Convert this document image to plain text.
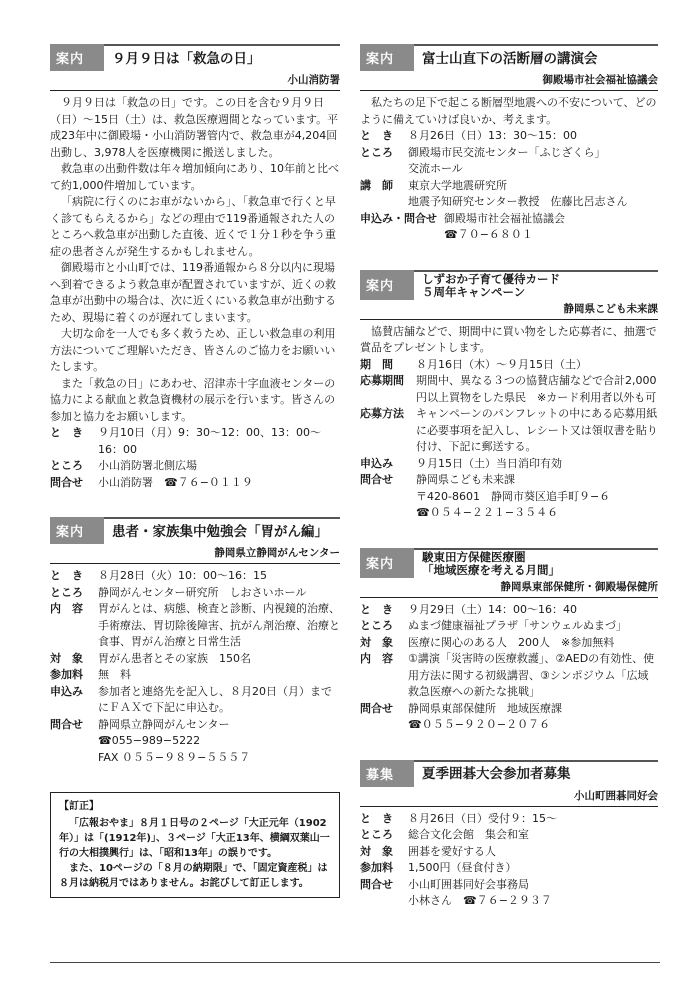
案内	９月９日は「救急の日」
小山消防署

９月９日は「救急の日」です。この日を含む９月９日（日）〜15日（土）は、救急医療週間となっています。平成23年中に御殿場・小山消防署管内で、救急車が4,204回出動し、3,978人を医療機関に搬送しました。

救急車の出動件数は年々増加傾向にあり、10年前と比べて約1,000件増加しています。

「病院に行くのにお車がないから」、「救急車で行くと早く診てもらえるから」などの理由で119番通報された人のところへ救急車が出動した直後、近くで１分１秒を争う重症の患者さんが発生するかもしれません。

御殿場市と小山町では、119番通報から８分以内に現場へ到着できるよう救急車が配置されていますが、近くの救急車が出動中の場合は、次に近くにいる救急車が出動するため、現場に着くのが遅れてしまいます。

大切な命を一人でも多く救うため、正しい救急車の利用方法についてご理解いただき、皆さんのご協力をお願いいたします。

また「救急の日」にあわせ、沼津赤十字血液センターの協力による献血と救急資機材の展示を行います。皆さんの参加と協力をお願いします。

と　き	９月10日（月）9：30〜12：00、13：00〜16：00
ところ	小山消防署北側広場
問合せ	小山消防署　☎７６−０１１９
案内	患者・家族集中勉強会「胃がん編」
静岡県立静岡がんセンター
と　き	８月28日（火）10：00〜16：15
ところ	静岡がんセンター研究所　しおさいホール
内　容	胃がんとは、病態、検査と診断、内視鏡的治療、手術療法、胃切除後障害、抗がん剤治療、治療と食事、胃がん治療と日常生活
対　象	胃がん患者とその家族　150名
参加料	無　料
申込み	参加者と連絡先を記入し、８月20日（月）までにＦＡＸで下記に申込む。
問合せ	静岡県立静岡がんセンター　☎055−989−5222
FAX ０５５−９８９−５５５７
【訂正】

「広報おやま」８月１日号の２ページ「大正元年（1902年）」は「(1912年)」、３ページ「大正13年、横綱双葉山一行の大相撲興行」は、「昭和13年」の誤りです。

また、10ページの「８月の納期限」で、「固定資産税」は８月は納税月ではありません。お詫びして訂正します。

案内	富士山直下の活断層の講演会
御殿場市社会福祉協議会

私たちの足下で起こる断層型地震への不安について、どのように備えていけば良いか、考えます。

と　き	８月26日（日）13：30〜15：00
ところ	御殿場市民交流センター「ふじざくら」
交流ホール
講　師	東京大学地震研究所
地震予知研究センター教授　佐藤比呂志さん
申込み・問合せ 御殿場市社会福祉協議会
☎７０−６８０１
案内
しずおか子育て優待カード
５周年キャンペーン
静岡県こども未来課

協賛店舗などで、期間中に買い物をした応募者に、抽選で賞品をプレゼントします。

期　間	８月16日（木）〜９月15日（土）
応募期間	期間中、異なる３つの協賛店舗などで合計2,000円以上買物をした県民　※カード利用者以外も可
応募方法	キャンペーンのパンフレットの中にある応募用紙に必要事項を記入し、レシート又は領収書を貼り付け、下記に郵送する。
申込み	９月15日（土）当日消印有効
問合せ	静岡県こども未来課
〒420-8601　静岡市葵区追手町９−６
☎０５４−２２１−３５４６
案内
駿東田方保健医療圏
「地域医療を考える月間」
静岡県東部保健所・御殿場保健所
と　き	９月29日（土）14：00〜16：40
ところ	ぬまづ健康福祉プラザ「サンウェルぬまづ」
対　象	医療に関心のある人　200人　※参加無料
内　容	①講演「災害時の医療救護」、②AEDの有効性、使用方法に関する初級講習、③シンポジウム「広域救急医療への新たな挑戦」
問合せ	静岡県東部保健所　地域医療課
☎０５５−９２０−２０７６
募集	夏季囲碁大会参加者募集
小山町囲碁同好会
と　き	８月26日（日）受付９：15〜
ところ	総合文化会館　集会和室
対　象	囲碁を愛好する人
参加料	1,500円（昼食付き）
問合せ	小山町囲碁同好会事務局
小林さん　☎７６−２９３７
